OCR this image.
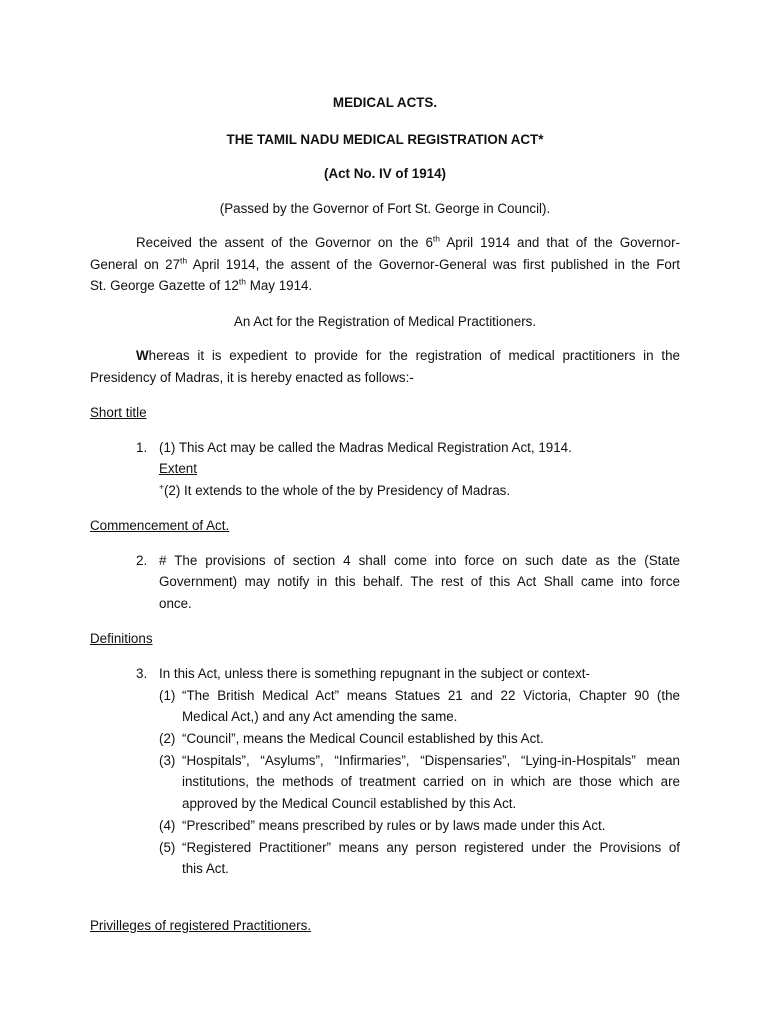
MEDICAL ACTS.
THE TAMIL NADU MEDICAL REGISTRATION ACT*
(Act No. IV of 1914)
(Passed by the Governor of Fort St. George in Council).
Received the assent of the Governor on the 6th April 1914 and that of the Governor-
General on 27th April 1914, the assent of the Governor-General was first published in the Fort
St. George Gazette of 12th May 1914.
An Act for the Registration of Medical Practitioners.
Whereas it is expedient to provide for the registration of medical practitioners in the
Presidency of Madras, it is hereby enacted as follows:-
Short title
1. (1) This Act may be called the Madras Medical Registration Act, 1914.
Extent
+(2) It extends to the whole of the by Presidency of Madras.
Commencement of Act.
2. # The provisions of section 4 shall come into force on such date as the (State
Government) may notify in this behalf. The rest of this Act Shall came into force
once.
Definitions
3. In this Act, unless there is something repugnant in the subject or context-
(1) “The British Medical Act” means Statues 21 and 22 Victoria, Chapter 90 (the
Medical Act,) and any Act amending the same.
(2) “Council”, means the Medical Council established by this Act.
(3) “Hospitals”, “Asylums”, “Infirmaries”, “Dispensaries”, “Lying-in-Hospitals” mean
institutions, the methods of treatment carried on in which are those which are
approved by the Medical Council established by this Act.
(4) “Prescribed” means prescribed by rules or by laws made under this Act.
(5) “Registered Practitioner” means any person registered under the Provisions of
this Act.
Privilleges of registered Practitioners.
